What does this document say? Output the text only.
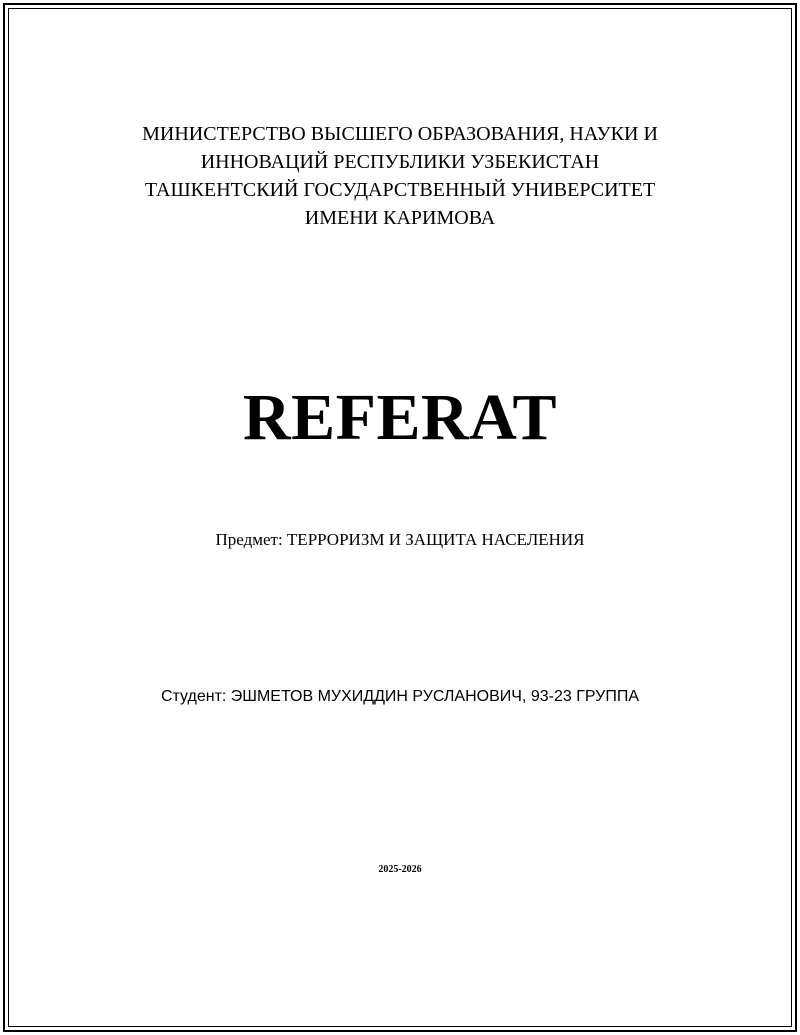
МИНИСТЕРСТВО ВЫСШЕГО ОБРАЗОВАНИЯ, НАУКИ И
ИННОВАЦИЙ РЕСПУБЛИКИ УЗБЕКИСТАН
ТАШКЕНТСКИЙ ГОСУДАРСТВЕННЫЙ УНИВЕРСИТЕТ
ИМЕНИ КАРИМОВА
REFERAT
Предмет: ТЕРРОРИЗМ И ЗАЩИТА НАСЕЛЕНИЯ
Студент: ЭШМЕТОВ МУХИДДИН РУСЛАНОВИЧ, 93-23 ГРУППА
2025-2026
